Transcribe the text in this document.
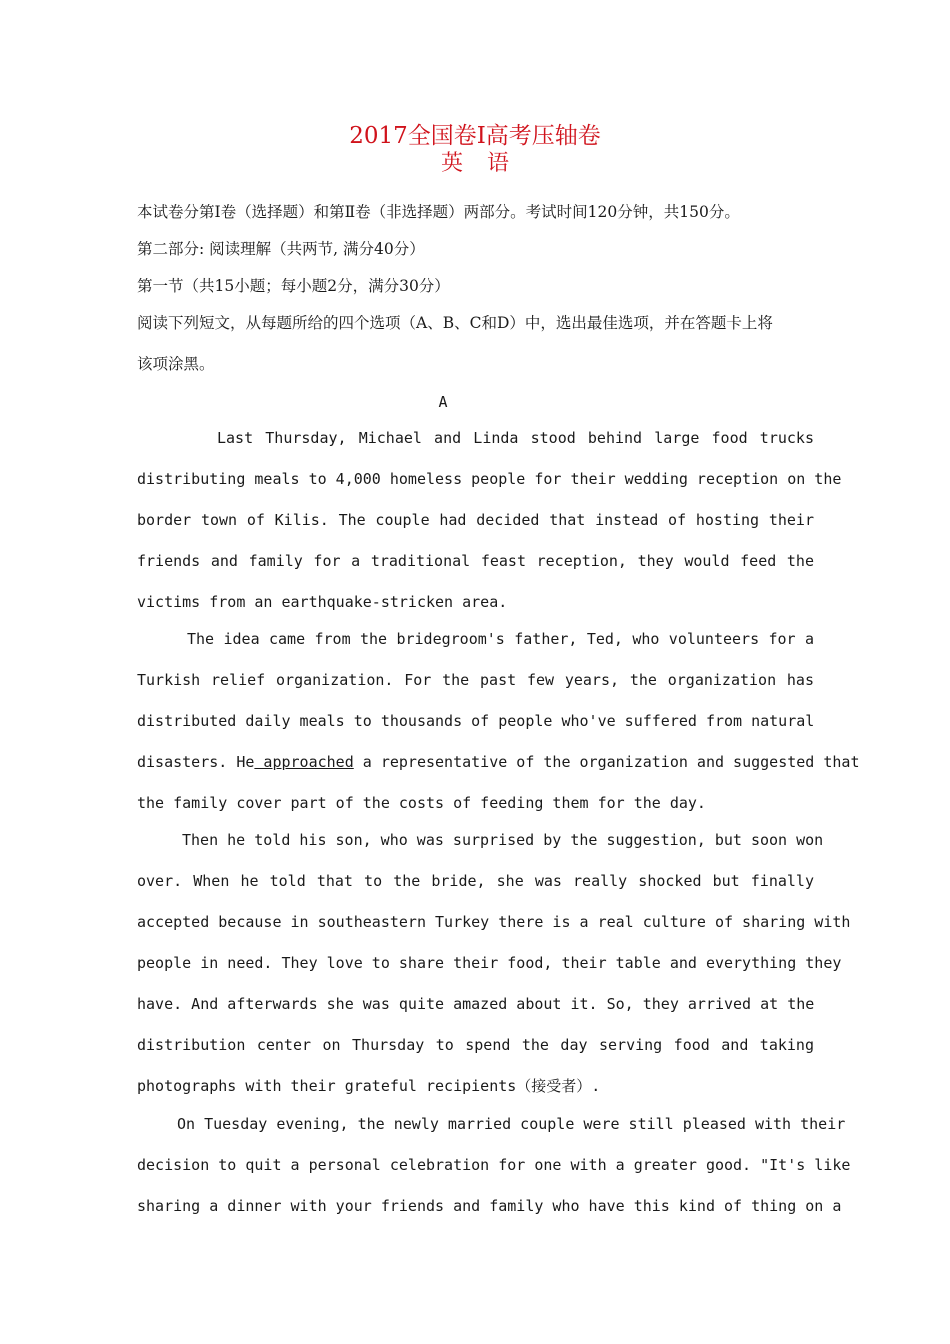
2017全国卷Ⅰ高考压轴卷
英语
本试卷分第Ⅰ卷（选择题）和第Ⅱ卷（非选择题）两部分。考试时间120分钟，共150分。
第二部分: 阅读理解（共两节, 满分40分）
第一节（共15小题；每小题2分，满分30分）
阅读下列短文，从每题所给的四个选项（A、B、C和D）中，选出最佳选项，并在答题卡上将
该项涂黑。
A
Last Thursday, Michael and Linda stood behind large food trucks
distributing meals to 4,000 homeless people for their wedding reception on the
border town of Kilis. The couple had decided that instead of hosting their
friends and family for a traditional feast reception, they would feed the
victims from an earthquake-stricken area.
The idea came from the bridegroom's father, Ted, who volunteers for a
Turkish relief organization. For the past few years, the organization has
distributed daily meals to thousands of people who've suffered from natural
disasters. He approached a representative of the organization and suggested that
the family cover part of the costs of feeding them for the day.
Then he told his son, who was surprised by the suggestion, but soon won
over. When he told that to the bride, she was really shocked but finally
accepted because in southeastern Turkey there is a real culture of sharing with
people in need. They love to share their food, their table and everything they
have. And afterwards she was quite amazed about it. So, they arrived at the
distribution center on Thursday to spend the day serving food and taking
photographs with their grateful recipients（接受者）.
On Tuesday evening, the newly married couple were still pleased with their
decision to quit a personal celebration for one with a greater good. "It's like
sharing a dinner with your friends and family who have this kind of thing on a
